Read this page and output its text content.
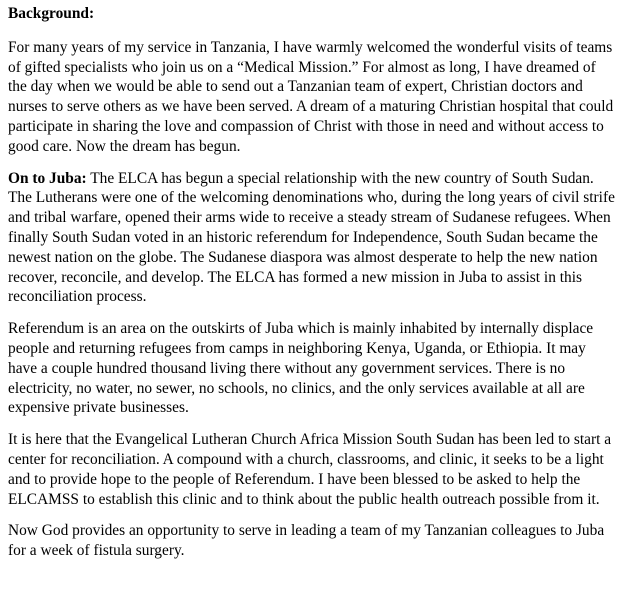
Background:

For many years of my service in Tanzania, I have warmly welcomed the wonderful visits of teams of gifted specialists who join us on a “Medical Mission.” For almost as long, I have dreamed of the day when we would be able to send out a Tanzanian team of expert, Christian doctors and nurses to serve others as we have been served. A dream of a maturing Christian hospital that could participate in sharing the love and compassion of Christ with those in need and without access to good care. Now the dream has begun.

On to Juba: The ELCA has begun a special relationship with the new country of South Sudan. The Lutherans were one of the welcoming denominations who, during the long years of civil strife and tribal warfare, opened their arms wide to receive a steady stream of Sudanese refugees. When finally South Sudan voted in an historic referendum for Independence, South Sudan became the newest nation on the globe. The Sudanese diaspora was almost desperate to help the new nation recover, reconcile, and develop. The ELCA has formed a new mission in Juba to assist in this reconciliation process.

Referendum is an area on the outskirts of Juba which is mainly inhabited by internally displace people and returning refugees from camps in neighboring Kenya, Uganda, or Ethiopia. It may have a couple hundred thousand living there without any government services. There is no electricity, no water, no sewer, no schools, no clinics, and the only services available at all are expensive private businesses.

It is here that the Evangelical Lutheran Church Africa Mission South Sudan has been led to start a center for reconciliation. A compound with a church, classrooms, and clinic, it seeks to be a light and to provide hope to the people of Referendum. I have been blessed to be asked to help the ELCAMSS to establish this clinic and to think about the public health outreach possible from it.

Now God provides an opportunity to serve in leading a team of my Tanzanian colleagues to Juba for a week of fistula surgery.
